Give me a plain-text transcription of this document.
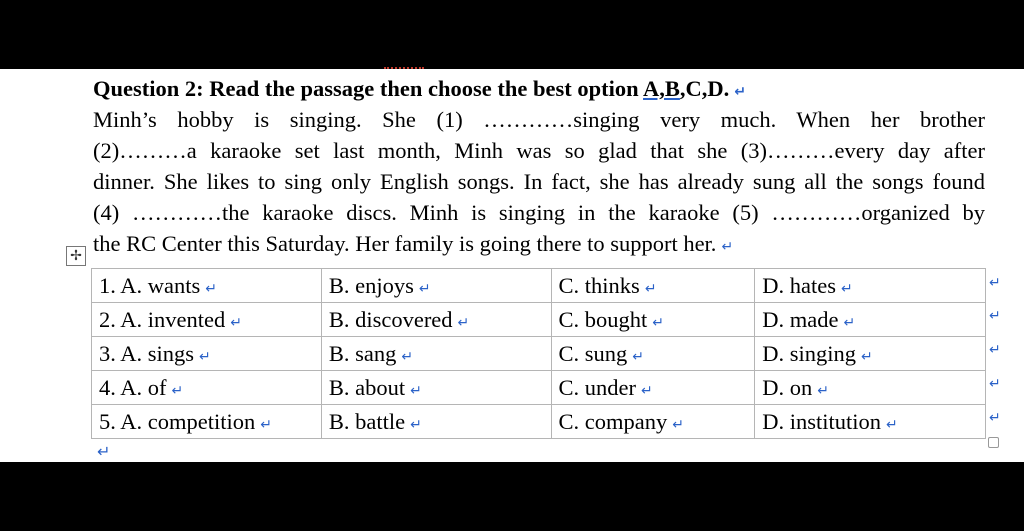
Question 2: Read the passage then choose the best option A,B,C,D. ↵
Minh’s hobby is singing. She (1) …………singing very much. When her brother
(2)………a karaoke set last month, Minh was so glad that she (3)………every day after
dinner. She likes to sing only English songs. In fact, she has already sung all the songs found
(4) …………the karaoke discs. Minh is singing in the karaoke (5) …………organized by
the RC Center this Saturday. Her family is going there to support her. ↵
✢
1. A. wants ↵	B. enjoys ↵	C. thinks ↵	D. hates ↵
2. A. invented ↵	B. discovered ↵	C. bought ↵	D. made ↵
3. A. sings ↵	B. sang ↵	C. sung ↵	D. singing ↵
4. A. of ↵	B. about ↵	C. under ↵	D. on ↵
5. A. competition ↵	B. battle ↵	C. company ↵	D. institution ↵
↵
↵
↵
↵
↵
↵
